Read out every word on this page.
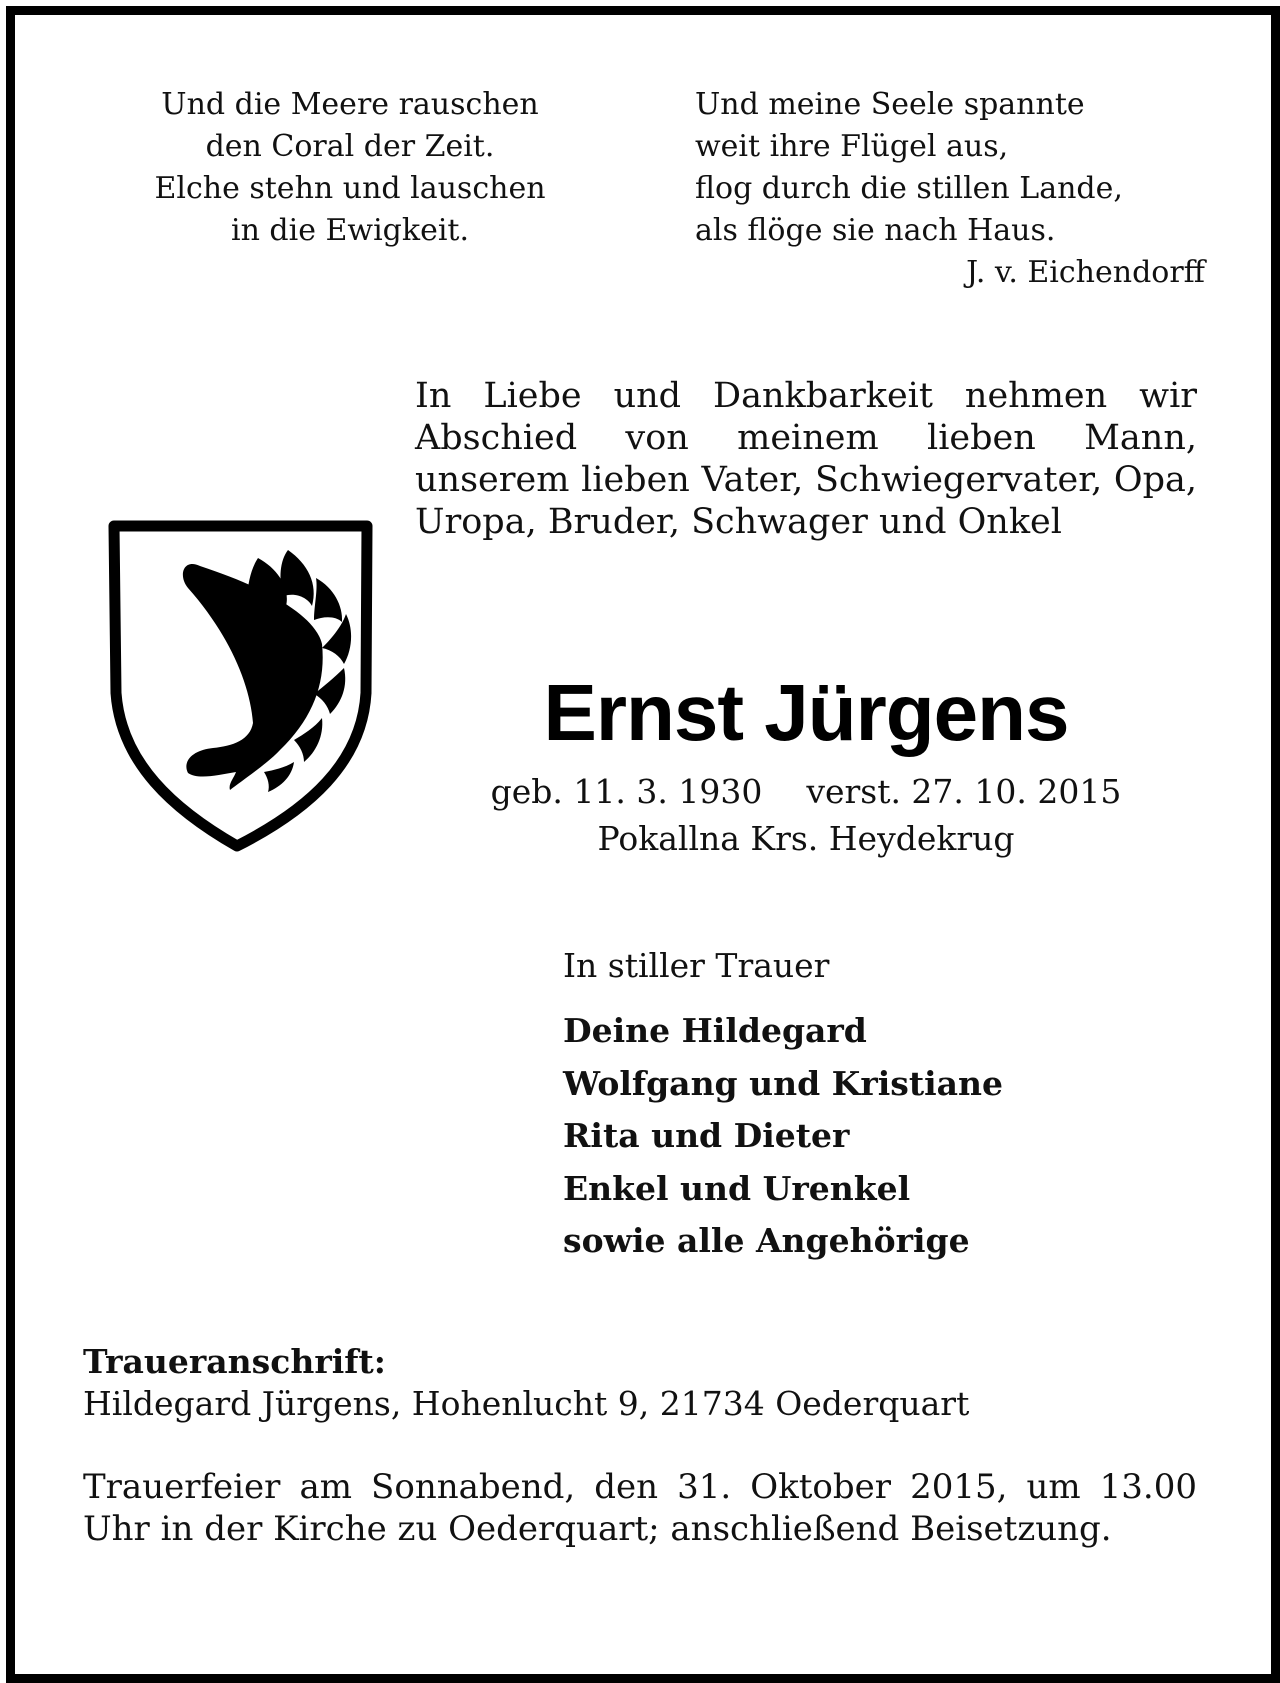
Und die Meere rauschen
den Coral der Zeit.
Elche stehn und lauschen
in die Ewigkeit.
Und meine Seele spannte
weit ihre Flügel aus,
flog durch die stillen Lande,
als flöge sie nach Haus.
J. v. Eichendorff
In Liebe und Dankbarkeit nehmen wir Abschied von meinem lieben Mann, unserem lieben Vater, Schwiegervater, Opa, Uropa, Bruder, Schwager und Onkel
Ernst Jürgens
geb. 11. 3. 1930 verst. 27. 10. 2015
Pokallna Krs. Heydekrug
In stiller Trauer
Deine Hildegard
Wolfgang und Kristiane
Rita und Dieter
Enkel und Urenkel
sowie alle Angehörige
Traueranschrift:
Hildegard Jürgens, Hohenlucht 9, 21734 Oederquart
Trauerfeier am Sonnabend, den 31. Oktober 2015, um 13.00 Uhr in der Kirche zu Oederquart; anschließend Beisetzung.
